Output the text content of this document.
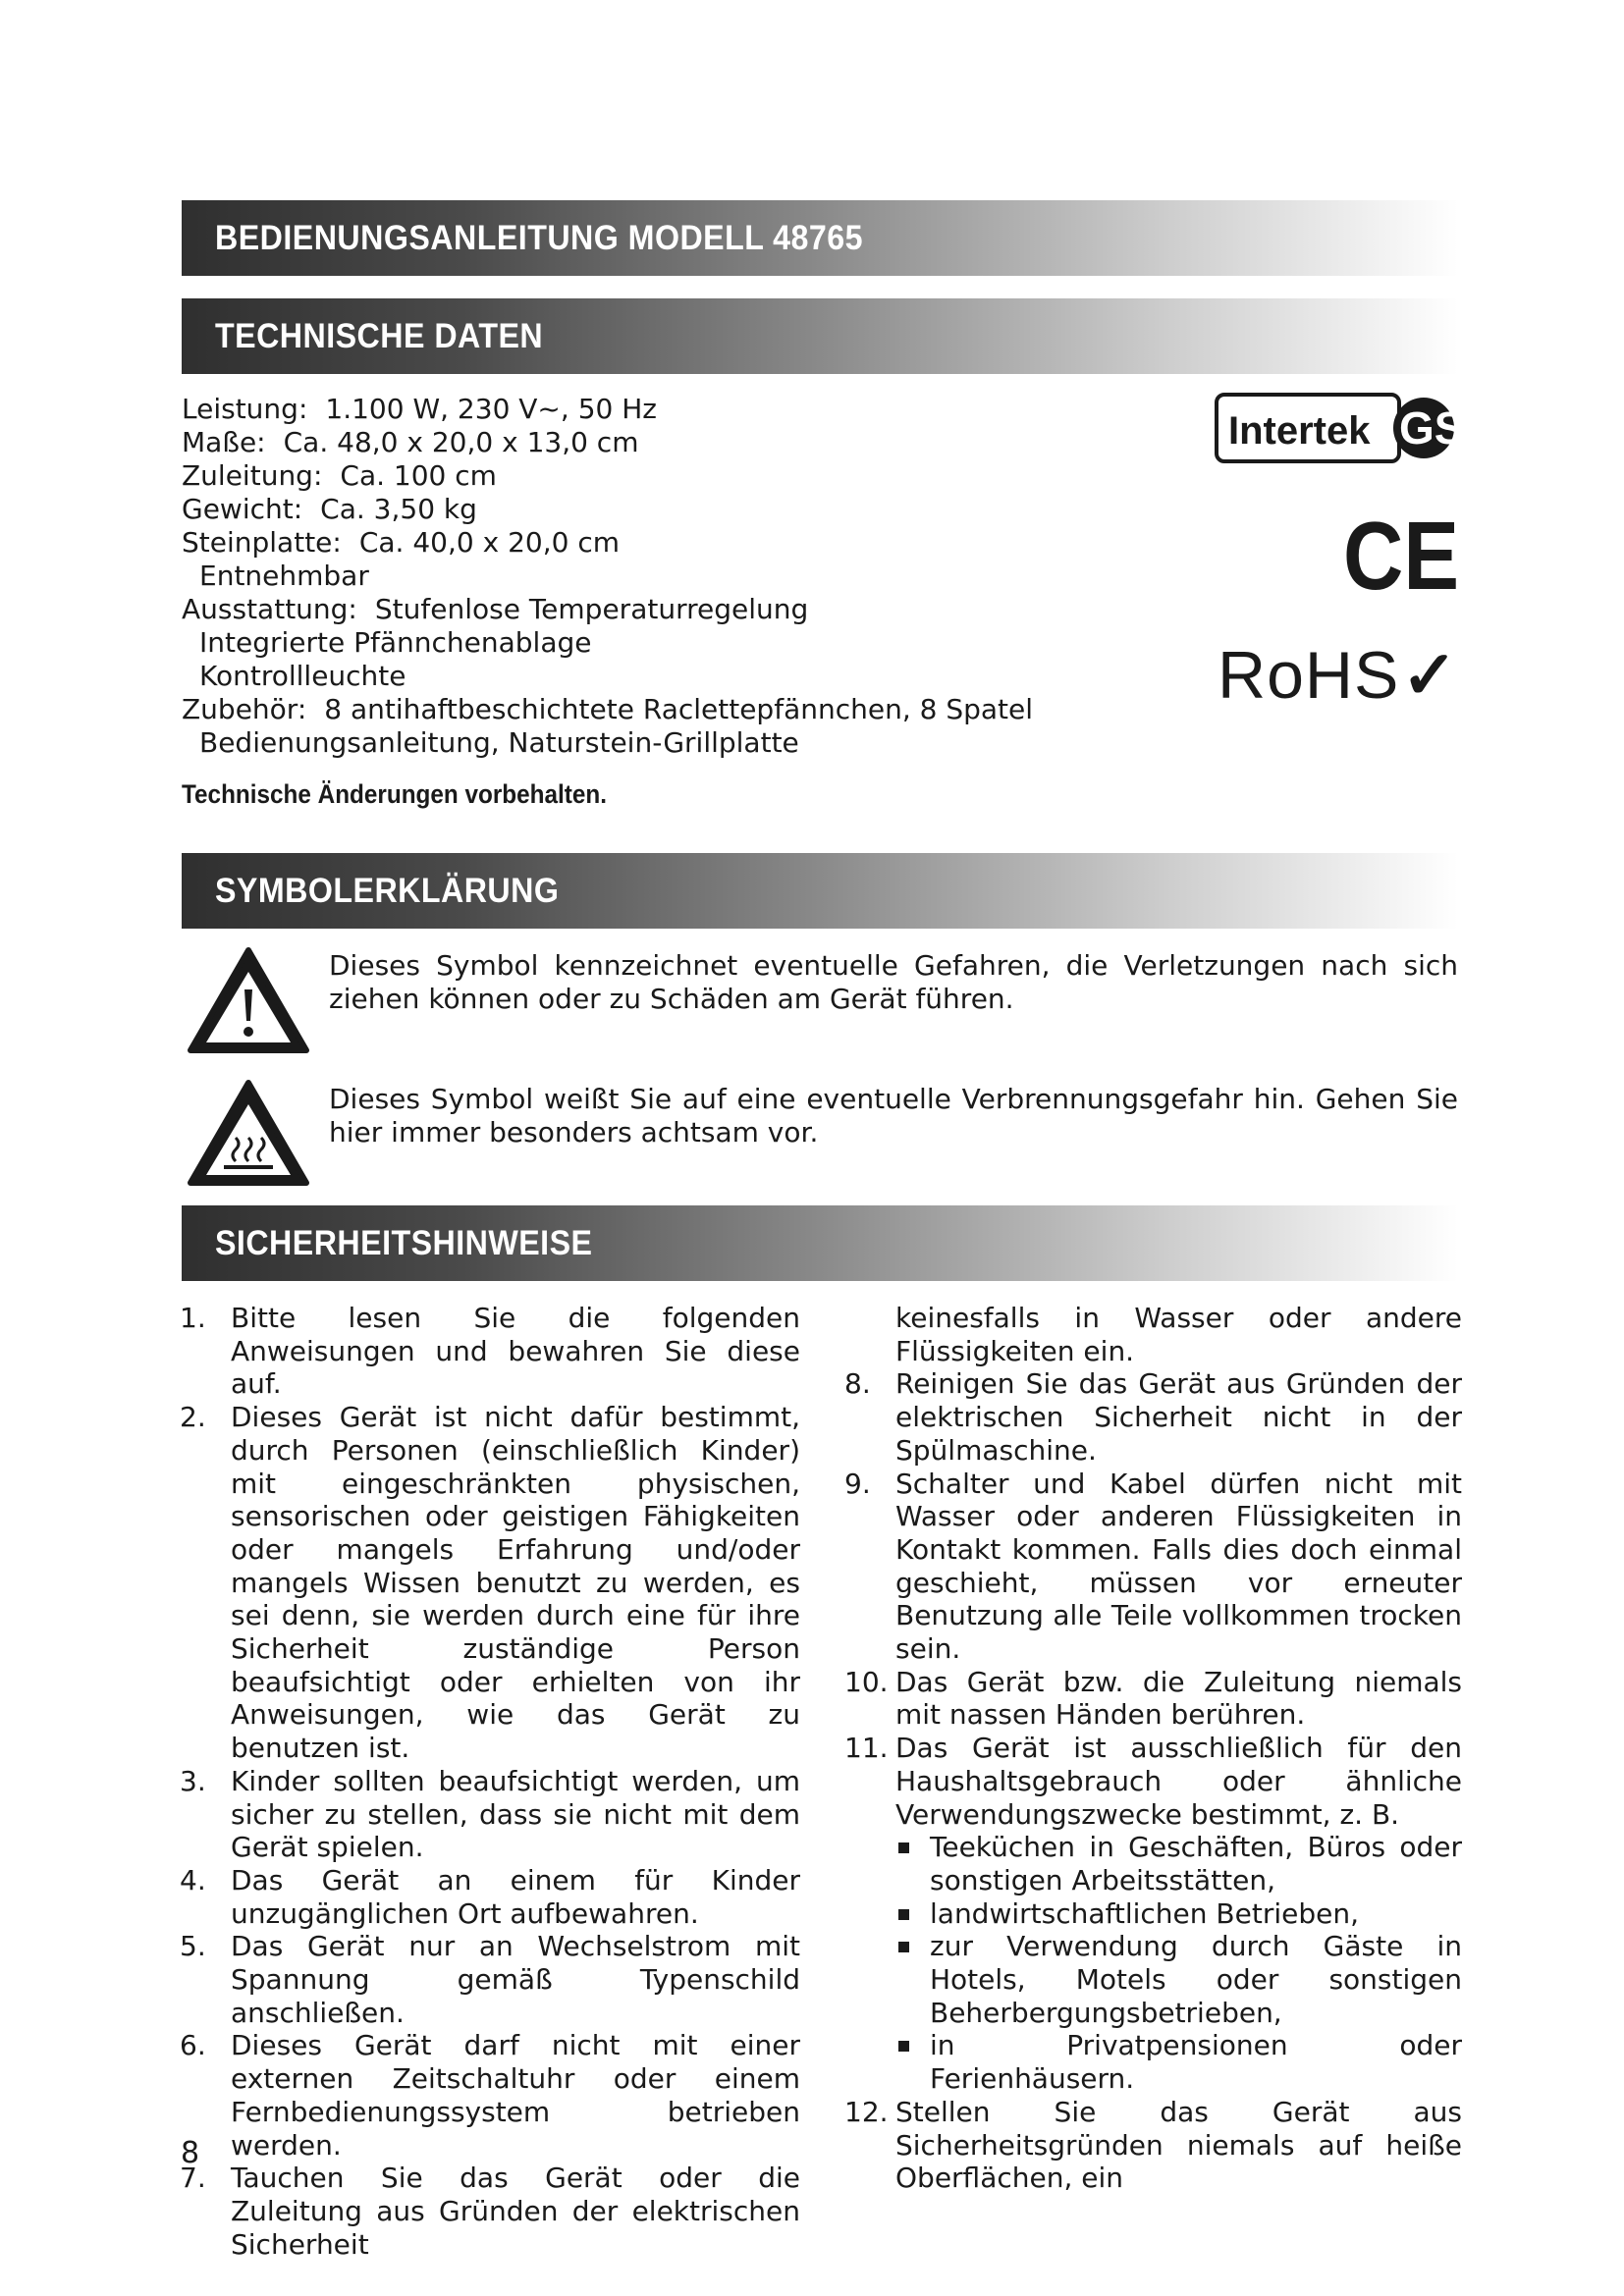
BEDIENUNGSANLEITUNG MODELL 48765
TECHNISCHE DATEN
Leistung: 1.100 W, 230 V~, 50 Hz
Maße: Ca. 48,0 x 20,0 x 13,0 cm
Zuleitung: Ca. 100 cm
Gewicht: Ca. 3,50 kg
Steinplatte: Ca. 40,0 x 20,0 cm
Entnehmbar
Ausstattung: Stufenlose Temperaturregelung
Integrierte Pfännchenablage
Kontrollleuchte
Zubehör: 8 antihaftbeschichtete Raclettepfännchen, 8 Spatel
Bedienungsanleitung, Naturstein-Grillplatte
Technische Änderungen vorbehalten.
Intertek GS
CE
RoHS✓
SYMBOLERKLÄRUNG

Dieses Symbol kennzeichnet eventuelle Gefahren, die Verletzungen nach sich ziehen können oder zu Schäden am Gerät führen.

Dieses Symbol weißt Sie auf eine eventuelle Verbrennungsgefahr hin. Gehen Sie hier immer besonders achtsam vor.

SICHERHEITSHINWEISE
1. Bitte lesen Sie die folgenden Anweisungen und bewahren Sie diese auf.
2. Dieses Gerät ist nicht dafür bestimmt, durch Personen (einschließlich Kinder) mit eingeschränkten physischen, sensorischen oder geistigen Fähigkeiten oder mangels Erfahrung und/oder mangels Wissen benutzt zu werden, es sei denn, sie werden durch eine für ihre Sicherheit zuständige Person beaufsichtigt oder erhielten von ihr Anweisungen, wie das Gerät zu benutzen ist.
3. Kinder sollten beaufsichtigt werden, um sicher zu stellen, dass sie nicht mit dem Gerät spielen.
4. Das Gerät an einem für Kinder unzugänglichen Ort aufbewahren.
5. Das Gerät nur an Wechselstrom mit Spannung gemäß Typenschild anschließen.
6. Dieses Gerät darf nicht mit einer externen Zeitschaltuhr oder einem Fernbedienungssystem betrieben werden.
7. Tauchen Sie das Gerät oder die Zuleitung aus Gründen der elektrischen Sicherheit
keinesfalls in Wasser oder andere Flüssigkeiten ein.
8. Reinigen Sie das Gerät aus Gründen der elektrischen Sicherheit nicht in der Spülmaschine.
9. Schalter und Kabel dürfen nicht mit Wasser oder anderen Flüssigkeiten in Kontakt kommen. Falls dies doch einmal geschieht, müssen vor erneuter Benutzung alle Teile vollkommen trocken sein.
10. Das Gerät bzw. die Zuleitung niemals mit nassen Händen berühren.
11. Das Gerät ist ausschließlich für den Haushaltsgebrauch oder ähnliche Verwendungszwecke bestimmt, z. B.
Teeküchen in Geschäften, Büros oder sonstigen Arbeitsstätten,
landwirtschaftlichen Betrieben,
zur Verwendung durch Gäste in Hotels, Motels oder sonstigen Beherbergungsbetrieben,
in Privatpensionen oder Ferienhäusern.
12. Stellen Sie das Gerät aus Sicherheitsgründen niemals auf heiße Oberflächen, ein
8
